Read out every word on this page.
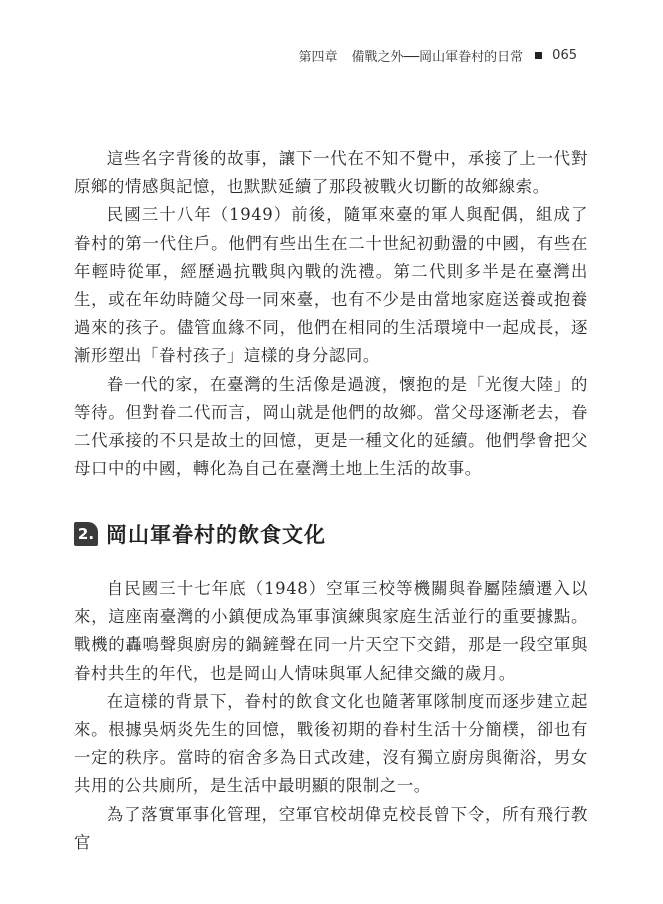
第四章 備戰之外──岡山軍眷村的日常 065

這些名字背後的故事，讓下一代在不知不覺中，承接了上一代對原鄉的情感與記憶，也默默延續了那段被戰火切斷的故鄉線索。

民國三十八年（1949）前後，隨軍來臺的軍人與配偶，組成了眷村的第一代住戶。他們有些出生在二十世紀初動盪的中國，有些在年輕時從軍，經歷過抗戰與內戰的洗禮。第二代則多半是在臺灣出生，或在年幼時隨父母一同來臺，也有不少是由當地家庭送養或抱養過來的孩子。儘管血緣不同，他們在相同的生活環境中一起成長，逐漸形塑出「眷村孩子」這樣的身分認同。

眷一代的家，在臺灣的生活像是過渡，懷抱的是「光復大陸」的等待。但對眷二代而言，岡山就是他們的故鄉。當父母逐漸老去，眷二代承接的不只是故土的回憶，更是一種文化的延續。他們學會把父母口中的中國，轉化為自己在臺灣土地上生活的故事。

2. 岡山軍眷村的飲食文化

自民國三十七年底（1948）空軍三校等機關與眷屬陸續遷入以來，這座南臺灣的小鎮便成為軍事演練與家庭生活並行的重要據點。戰機的轟鳴聲與廚房的鍋鏟聲在同一片天空下交錯，那是一段空軍與眷村共生的年代，也是岡山人情味與軍人紀律交織的歲月。

在這樣的背景下，眷村的飲食文化也隨著軍隊制度而逐步建立起來。根據吳炳炎先生的回憶，戰後初期的眷村生活十分簡樸，卻也有一定的秩序。當時的宿舍多為日式改建，沒有獨立廚房與衛浴，男女共用的公共廁所，是生活中最明顯的限制之一。

為了落實軍事化管理，空軍官校胡偉克校長曾下令，所有飛行教官
